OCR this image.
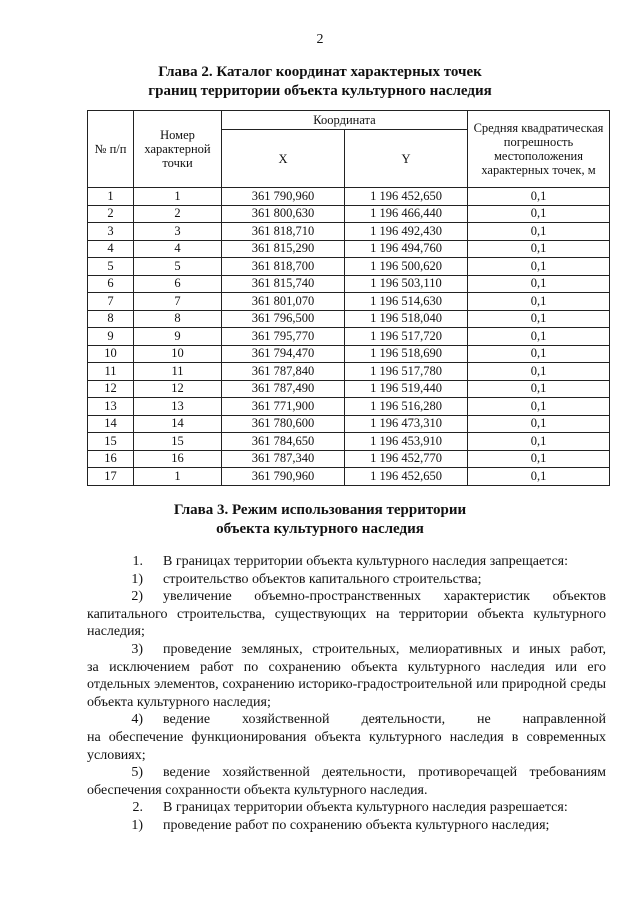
2
Глава 2. Каталог координат характерных точек
границ территории объекта культурного наследия
№ п/п	Номер характерной точки	Координата		Средняя квадратическая погрешность местоположения характерных точек, м
		X	Y	
1	1	361 790,960	1 196 452,650	0,1
2	2	361 800,630	1 196 466,440	0,1
3	3	361 818,710	1 196 492,430	0,1
4	4	361 815,290	1 196 494,760	0,1
5	5	361 818,700	1 196 500,620	0,1
6	6	361 815,740	1 196 503,110	0,1
7	7	361 801,070	1 196 514,630	0,1
8	8	361 796,500	1 196 518,040	0,1
9	9	361 795,770	1 196 517,720	0,1
10	10	361 794,470	1 196 518,690	0,1
11	11	361 787,840	1 196 517,780	0,1
12	12	361 787,490	1 196 519,440	0,1
13	13	361 771,900	1 196 516,280	0,1
14	14	361 780,600	1 196 473,310	0,1
15	15	361 784,650	1 196 453,910	0,1
16	16	361 787,340	1 196 452,770	0,1
17	1	361 790,960	1 196 452,650	0,1
Глава 3. Режим использования территории
объекта культурного наследия
1.	В границах территории объекта культурного наследия запрещается:
1)	строительство объектов капитального строительства;
2)	увеличение объемно-пространственных характеристик объектов

капитального строительства, существующих на территории объекта культурного наследия;

3)	проведение земляных, строительных, мелиоративных и иных работ,

за исключением работ по сохранению объекта культурного наследия или его отдельных элементов, сохранению историко-градостроительной или природной среды объекта культурного наследия;

4)	ведение хозяйственной деятельности, не направленной

на обеспечение функционирования объекта культурного наследия в современных условиях;

5)	ведение хозяйственной деятельности, противоречащей требованиям

обеспечения сохранности объекта культурного наследия.

2.	В границах территории объекта культурного наследия разрешается:
1)	проведение работ по сохранению объекта культурного наследия;
